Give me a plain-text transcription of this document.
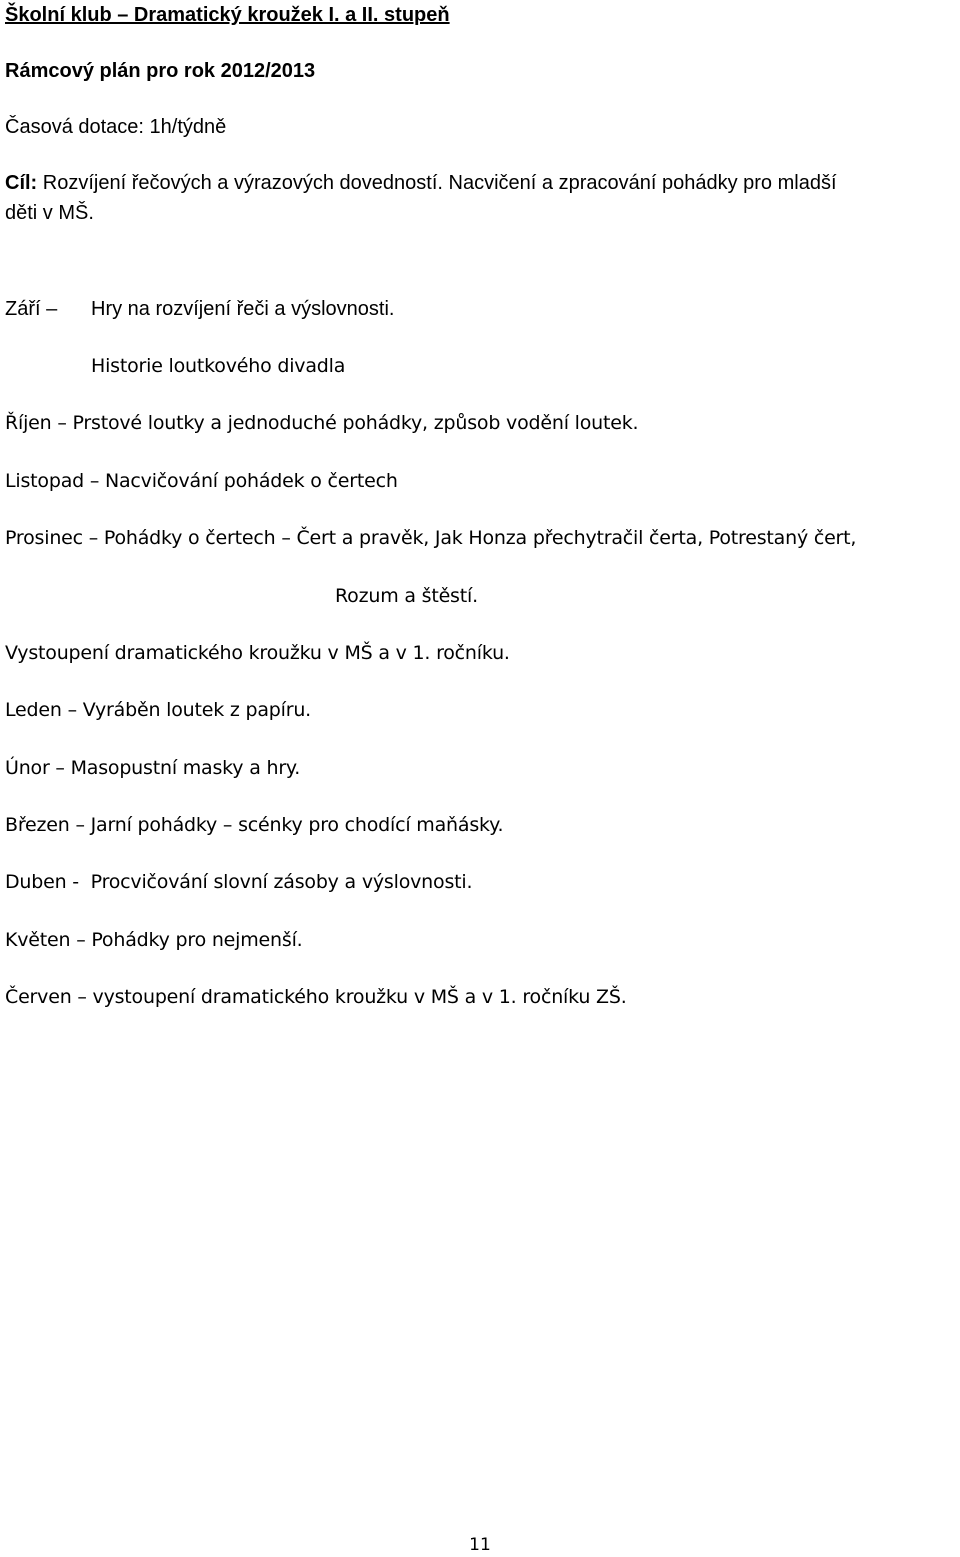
Školní klub – Dramatický kroužek I. a II. stupeň
Rámcový plán pro rok 2012/2013
Časová dotace: 1h/týdně
Cíl: Rozvíjení řečových a výrazových dovedností. Nacvičení a zpracování pohádky pro mladší
děti v MŠ.
Září – Hry na rozvíjení řeči a výslovnosti.
Historie loutkového divadla
Říjen – Prstové loutky a jednoduché pohádky, způsob vodění loutek.
Listopad – Nacvičování pohádek o čertech
Prosinec – Pohádky o čertech – Čert a pravěk, Jak Honza přechytračil čerta, Potrestaný čert,
Rozum a štěstí.
Vystoupení dramatického kroužku v MŠ a v 1. ročníku.
Leden – Vyráběn loutek z papíru.
Únor – Masopustní masky a hry.
Březen – Jarní pohádky – scénky pro chodící maňásky.
Duben -  Procvičování slovní zásoby a výslovnosti.
Květen – Pohádky pro nejmenší.
Červen – vystoupení dramatického kroužku v MŠ a v 1. ročníku ZŠ.
11
